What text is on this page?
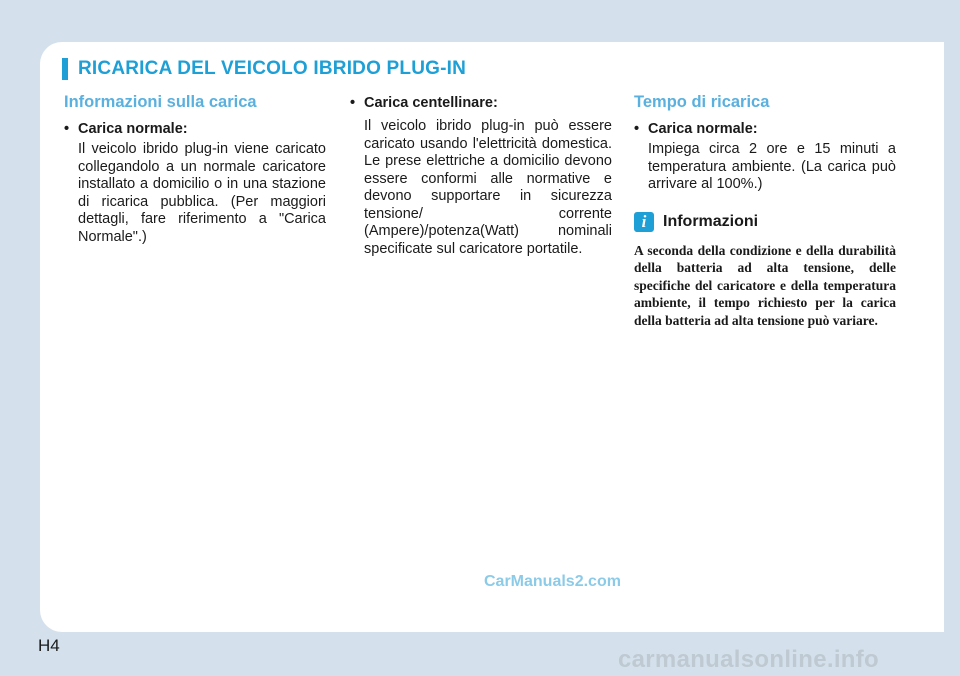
RICARICA DEL VEICOLO IBRIDO PLUG-IN
Informazioni sulla carica
• Carica normale:
Il veicolo ibrido plug-in viene caricato collegandolo a un normale caricatore installato a domicilio o in una stazione di ricarica pubblica. (Per maggiori dettagli, fare riferimento a "Carica Normale".)
• Carica centellinare:
Il veicolo ibrido plug-in può essere caricato usando l'elettricità domestica. Le prese elettriche a domicilio devono essere conformi alle normative e devono supportare in sicurezza tensione/ corrente (Ampere)/potenza(Watt) nominali specificate sul caricatore portatile.
Tempo di ricarica
• Carica normale:
Impiega circa 2 ore e 15 minuti a temperatura ambiente. (La carica può arrivare al 100%.)
i	Informazioni
A seconda della condizione e della durabilità della batteria ad alta tensione, delle specifiche del caricatore e della temperatura ambiente, il tempo richiesto per la carica della batteria ad alta tensione può variare.
CarManuals2.com
H4
carmanualsonline.info
